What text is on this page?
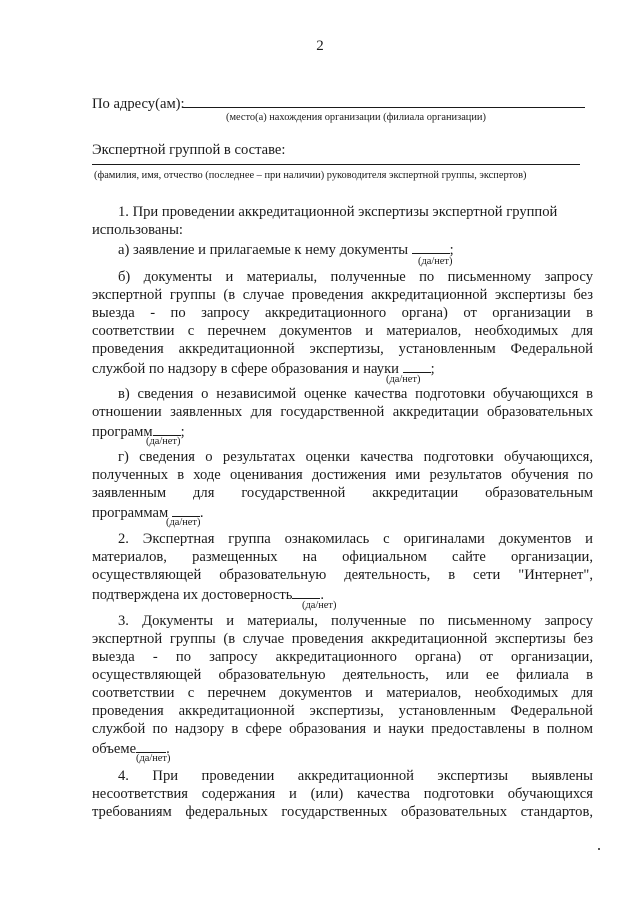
2
По адресу(ам):
(место(а) нахождения организации (филиала организации)
Экспертной группой в составе:
(фамилия, имя, отчество (последнее – при наличии) руководителя экспертной группы, экспертов)
1. При проведении аккредитационной экспертизы экспертной группой
использованы:
а) заявление и прилагаемые к нему документы	;
(да/нет)
б) документы и материалы, полученные по письменному запросу
экспертной группы (в случае проведения аккредитационной экспертизы без
выезда - по запросу аккредитационного органа) от организации в
соответствии с перечнем документов и материалов, необходимых для
проведения аккредитационной экспертизы, установленным Федеральной
службой по надзору в сфере образования и науки ;
(да/нет)
в) сведения о независимой оценке качества подготовки обучающихся в
отношении заявленных для государственной аккредитации образовательных
программ ;
(да/нет)
г) сведения о результатах оценки качества подготовки обучающихся,
полученных в ходе оценивания достижения ими результатов обучения по
заявленным для государственной аккредитации образовательным
программам .
(да/нет)
2. Экспертная группа ознакомилась с оригиналами документов и
материалов, размещенных на официальном сайте организации,
осуществляющей образовательную деятельность, в сети "Интернет",
подтверждена их достоверность .
(да/нет)
3. Документы и материалы, полученные по письменному запросу
экспертной группы (в случае проведения аккредитационной экспертизы без
выезда - по запросу аккредитационного органа) от организации,
осуществляющей образовательную деятельность, или ее филиала в
соответствии с перечнем документов и материалов, необходимых для
проведения аккредитационной экспертизы, установленным Федеральной
службой по надзору в сфере образования и науки предоставлены в полном
объеме .
(да/нет)
4. При проведении аккредитационной экспертизы выявлены
несоответствия содержания и (или) качества подготовки обучающихся
требованиям федеральных государственных образовательных стандартов,
